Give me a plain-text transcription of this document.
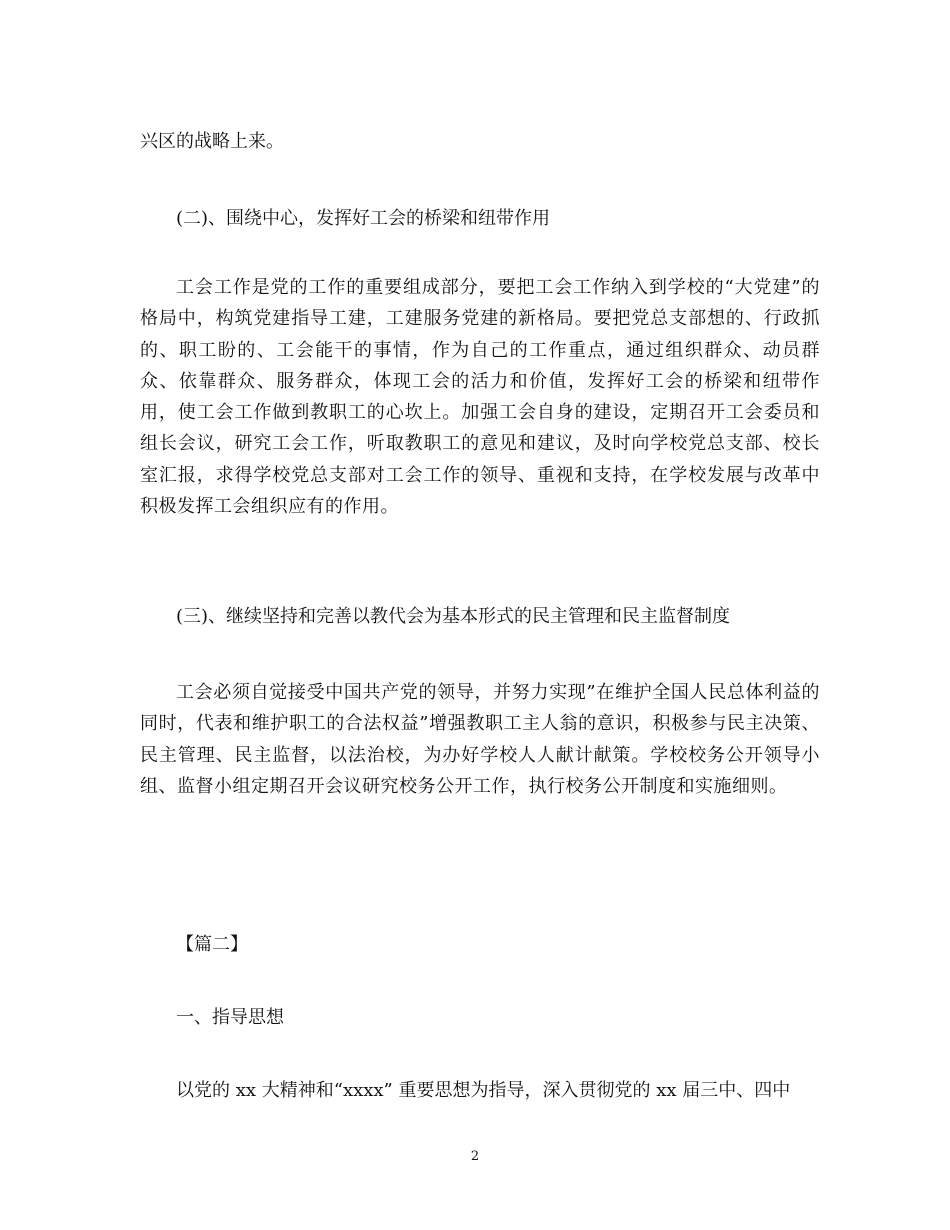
兴区的战略上来。

(二)、围绕中心，发挥好工会的桥梁和纽带作用

工会工作是党的工作的重要组成部分，要把工会工作纳入到学校的“大党建”的格局中，构筑党建指导工建，工建服务党建的新格局。要把党总支部想的、行政抓的、职工盼的、工会能干的事情，作为自己的工作重点，通过组织群众、动员群众、依靠群众、服务群众，体现工会的活力和价值，发挥好工会的桥梁和纽带作用，使工会工作做到教职工的心坎上。加强工会自身的建设，定期召开工会委员和组长会议，研究工会工作，听取教职工的意见和建议，及时向学校党总支部、校长室汇报，求得学校党总支部对工会工作的领导、重视和支持，在学校发展与改革中积极发挥工会组织应有的作用。

(三)、继续坚持和完善以教代会为基本形式的民主管理和民主监督制度

工会必须自觉接受中国共产党的领导，并努力实现”在维护全国人民总体利益的同时，代表和维护职工的合法权益”增强教职工主人翁的意识，积极参与民主决策、民主管理、民主监督，以法治校，为办好学校人人献计献策。学校校务公开领导小组、监督小组定期召开会议研究校务公开工作，执行校务公开制度和实施细则。

【篇二】

一、指导思想

以党的 xx 大精神和“xxxx” 重要思想为指导，深入贯彻党的 xx 届三中、四中

2
